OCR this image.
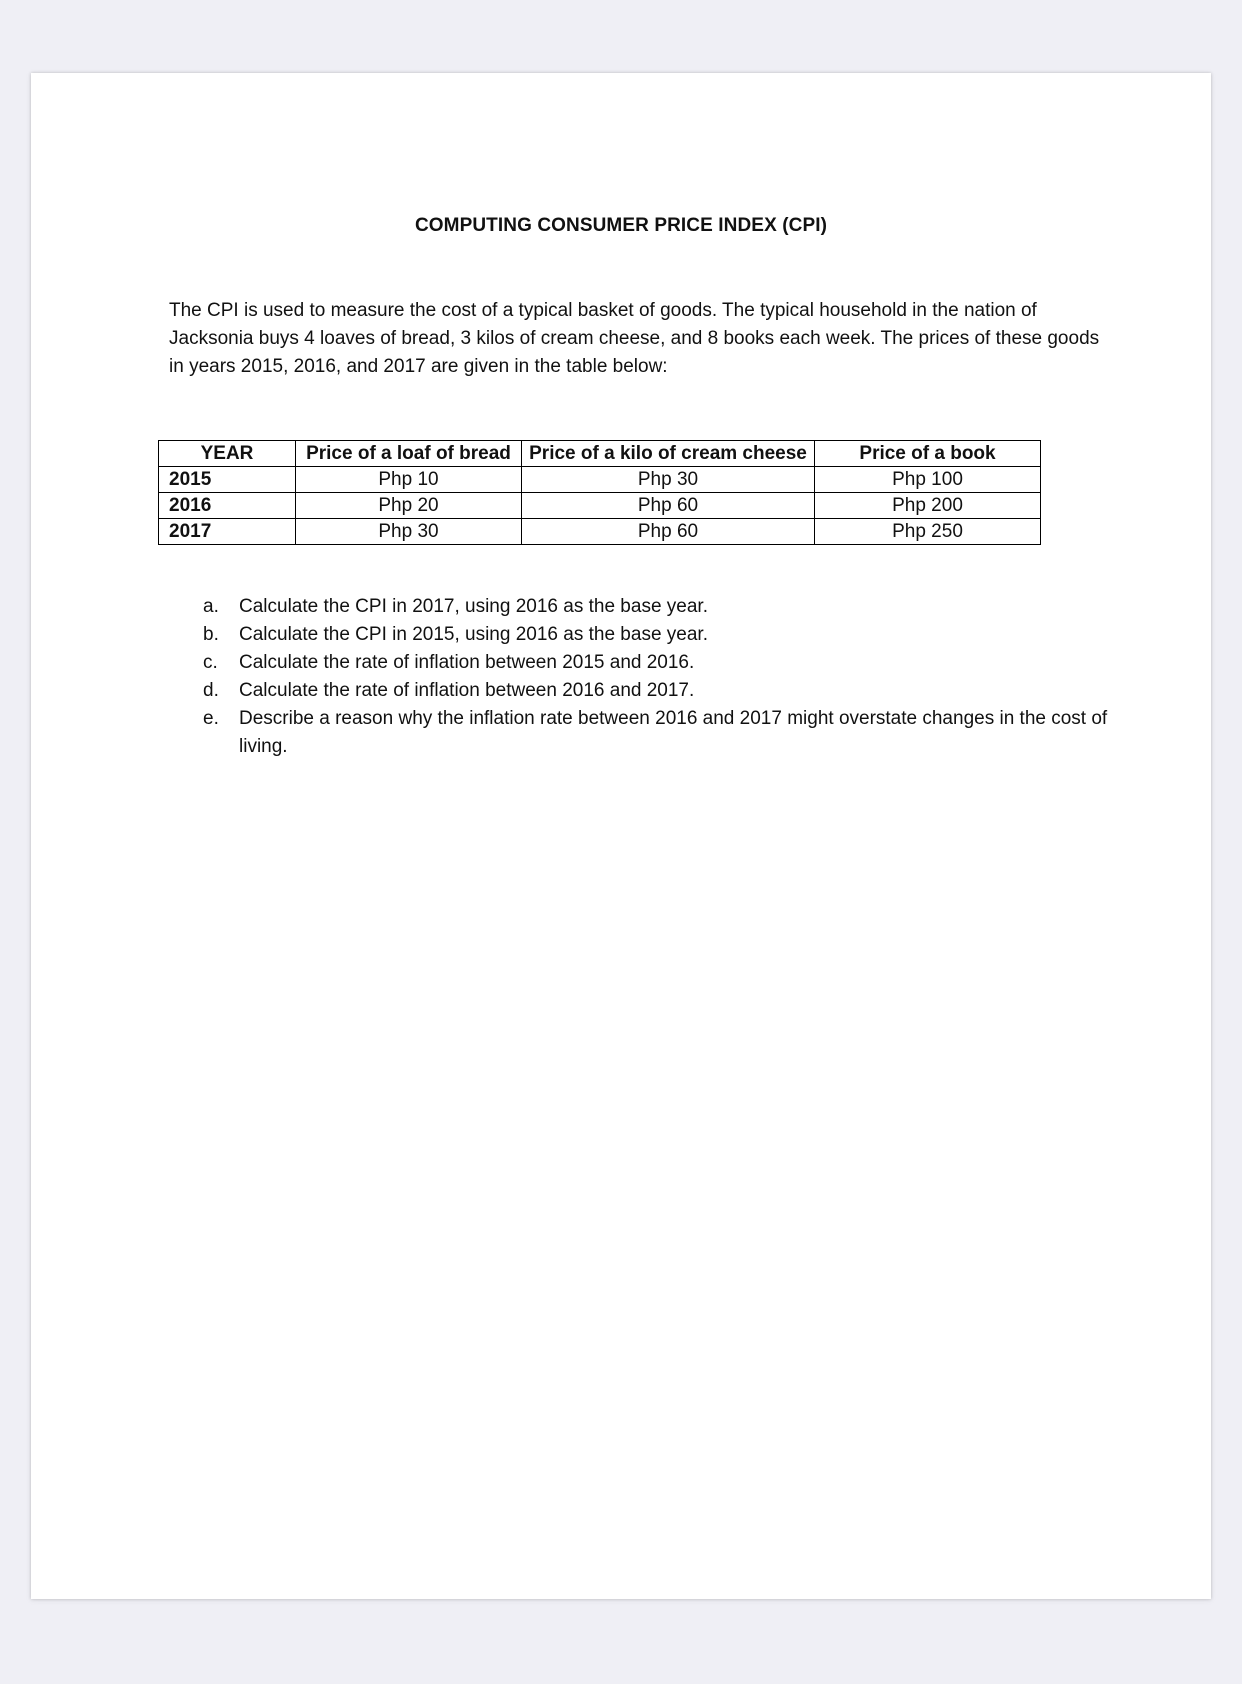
COMPUTING CONSUMER PRICE INDEX (CPI)

The CPI is used to measure the cost of a typical basket of goods. The typical household in the nation of Jacksonia buys 4 loaves of bread, 3 kilos of cream cheese, and 8 books each week. The prices of these goods in years 2015, 2016, and 2017 are given in the table below:

YEAR	Price of a loaf of bread	Price of a kilo of cream cheese	Price of a book
2015	Php 10	Php 30	Php 100
2016	Php 20	Php 60	Php 200
2017	Php 30	Php 60	Php 250
a.	Calculate the CPI in 2017, using 2016 as the base year.
b.	Calculate the CPI in 2015, using 2016 as the base year.
c.	Calculate the rate of inflation between 2015 and 2016.
d.	Calculate the rate of inflation between 2016 and 2017.
e.	Describe a reason why the inflation rate between 2016 and 2017 might overstate changes in the cost of living.
